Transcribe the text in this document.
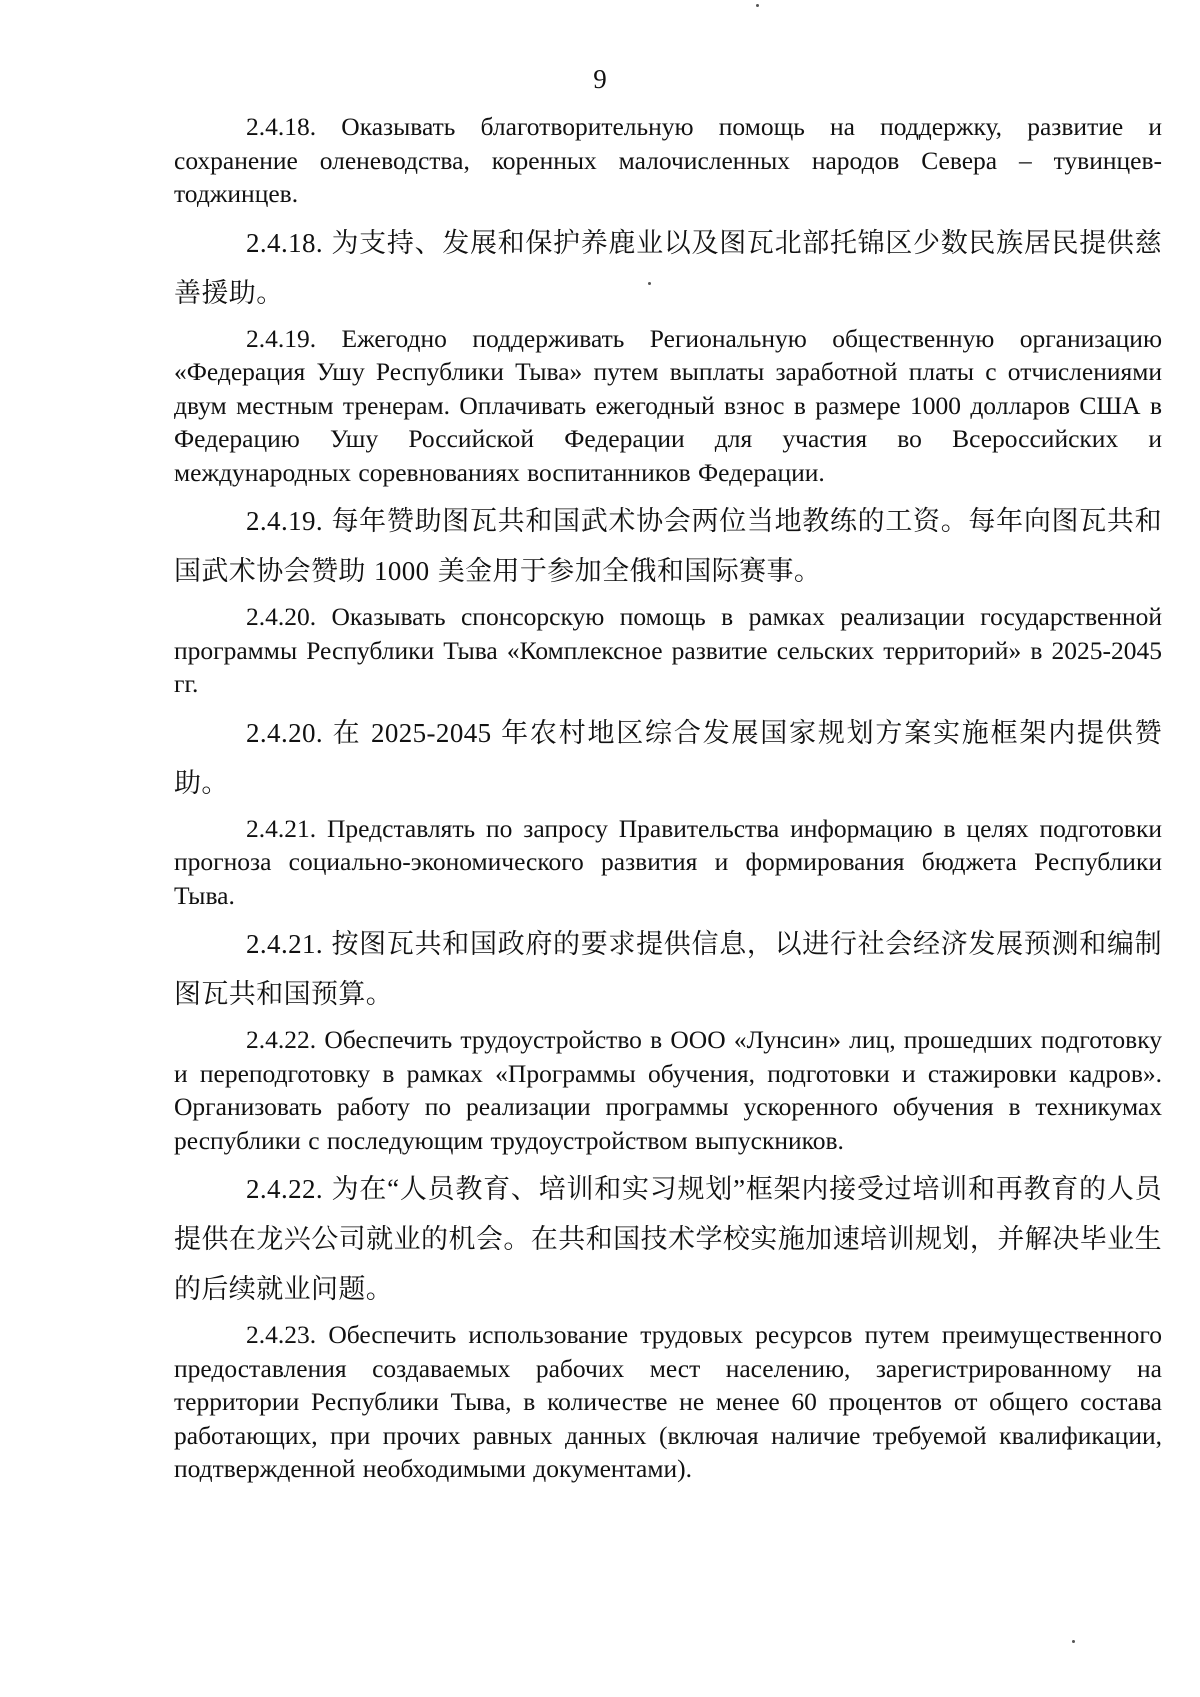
9

2.4.18. Оказывать благотворительную помощь на поддержку, развитие и сохранение оленеводства, коренных малочисленных народов Севера – тувинцев-тоджинцев.

2.4.18. 为支持、发展和保护养鹿业以及图瓦北部托锦区少数民族居民提供慈善援助。

2.4.19. Ежегодно поддерживать Региональную общественную организацию «Федерация Ушу Республики Тыва» путем выплаты заработной платы с отчислениями двум местным тренерам. Оплачивать ежегодный взнос в размере 1000 долларов США в Федерацию Ушу Российской Федерации для участия во Всероссийских и международных соревнованиях воспитанников Федерации.

2.4.19. 每年赞助图瓦共和国武术协会两位当地教练的工资。每年向图瓦共和国武术协会赞助 1000 美金用于参加全俄和国际赛事。

2.4.20. Оказывать спонсорскую помощь в рамках реализации государственной программы Республики Тыва «Комплексное развитие сельских территорий» в 2025-2045 гг.

2.4.20. 在 2025-2045 年农村地区综合发展国家规划方案实施框架内提供赞助。

2.4.21. Представлять по запросу Правительства информацию в целях подготовки прогноза социально-экономического развития и формирования бюджета Республики Тыва.

2.4.21. 按图瓦共和国政府的要求提供信息，以进行社会经济发展预测和编制图瓦共和国预算。

2.4.22. Обеспечить трудоустройство в ООО «Лунсин» лиц, прошедших подготовку и переподготовку в рамках «Программы обучения, подготовки и стажировки кадров». Организовать работу по реализации программы ускоренного обучения в техникумах республики с последующим трудоустройством выпускников.

2.4.22. 为在“人员教育、培训和实习规划”框架内接受过培训和再教育的人员提供在龙兴公司就业的机会。在共和国技术学校实施加速培训规划，并解决毕业生的后续就业问题。

2.4.23. Обеспечить использование трудовых ресурсов путем преимущественного предоставления создаваемых рабочих мест населению, зарегистрированному на территории Республики Тыва, в количестве не менее 60 процентов от общего состава работающих, при прочих равных данных (включая наличие требуемой квалификации, подтвержденной необходимыми документами).
